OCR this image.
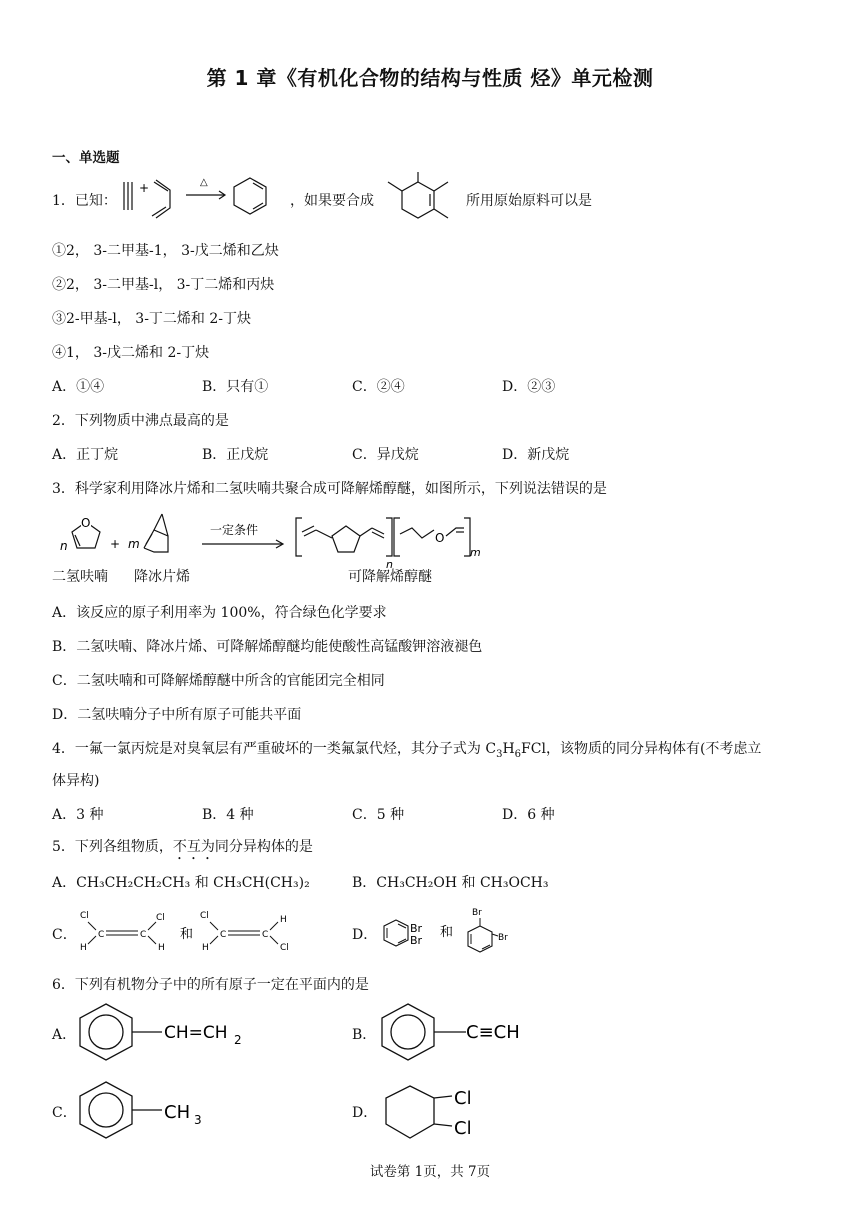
第 1 章《有机化合物的结构与性质 烃》单元检测
一、单选题
1．已知：
+	△
，如果要合成	所用原始原料可以是
①2， 3-二甲基-1， 3-戊二烯和乙炔
②2， 3-二甲基-l， 3-丁二烯和丙炔
③2-甲基-l， 3-丁二烯和 2-丁炔
④1， 3-戊二烯和 2-丁炔
A．①④	B．只有①	C．②④	D．②③
2．下列物质中沸点最高的是
A．正丁烷	B．正戊烷	C．异戊烷	D．新戊烷
3．科学家利用降冰片烯和二氢呋喃共聚合成可降解烯醇醚，如图所示，下列说法错误的是
n
O
+ m
一定条件
n
O
m
二氢呋喃 降冰片烯	可降解烯醇醚
A．该反应的原子利用率为 100%，符合绿色化学要求
B．二氢呋喃、降冰片烯、可降解烯醇醚均能使酸性高锰酸钾溶液褪色
C．二氢呋喃和可降解烯醇醚中所含的官能团完全相同
D．二氢呋喃分子中所有原子可能共平面
4．一氟一氯丙烷是对臭氧层有严重破坏的一类氟氯代烃，其分子式为 $C_3H_6FCl$，该物质的同分异构体有(不考虑立
体异构)
A．3 种	B．4 种	C．5 种	D．6 种
5．下列各组物质，不互为同分异构体的是
A．CH₃CH₂CH₂CH₃ 和 CH₃CH(CH₃)₂	B．CH₃CH₂OH 和 CH₃OCH₃
C．
Cl
H
C	C
Cl
H
和
Cl
H
C	C
H
Cl
D．	Br
Br
和
Br
Br
6．下列有机物分子中的所有原子一定在平面内的是
A．	CH=CH 2	B．	C≡CH
C．	CH 3	D．
Cl
Cl
试卷第 1页，共 7页
